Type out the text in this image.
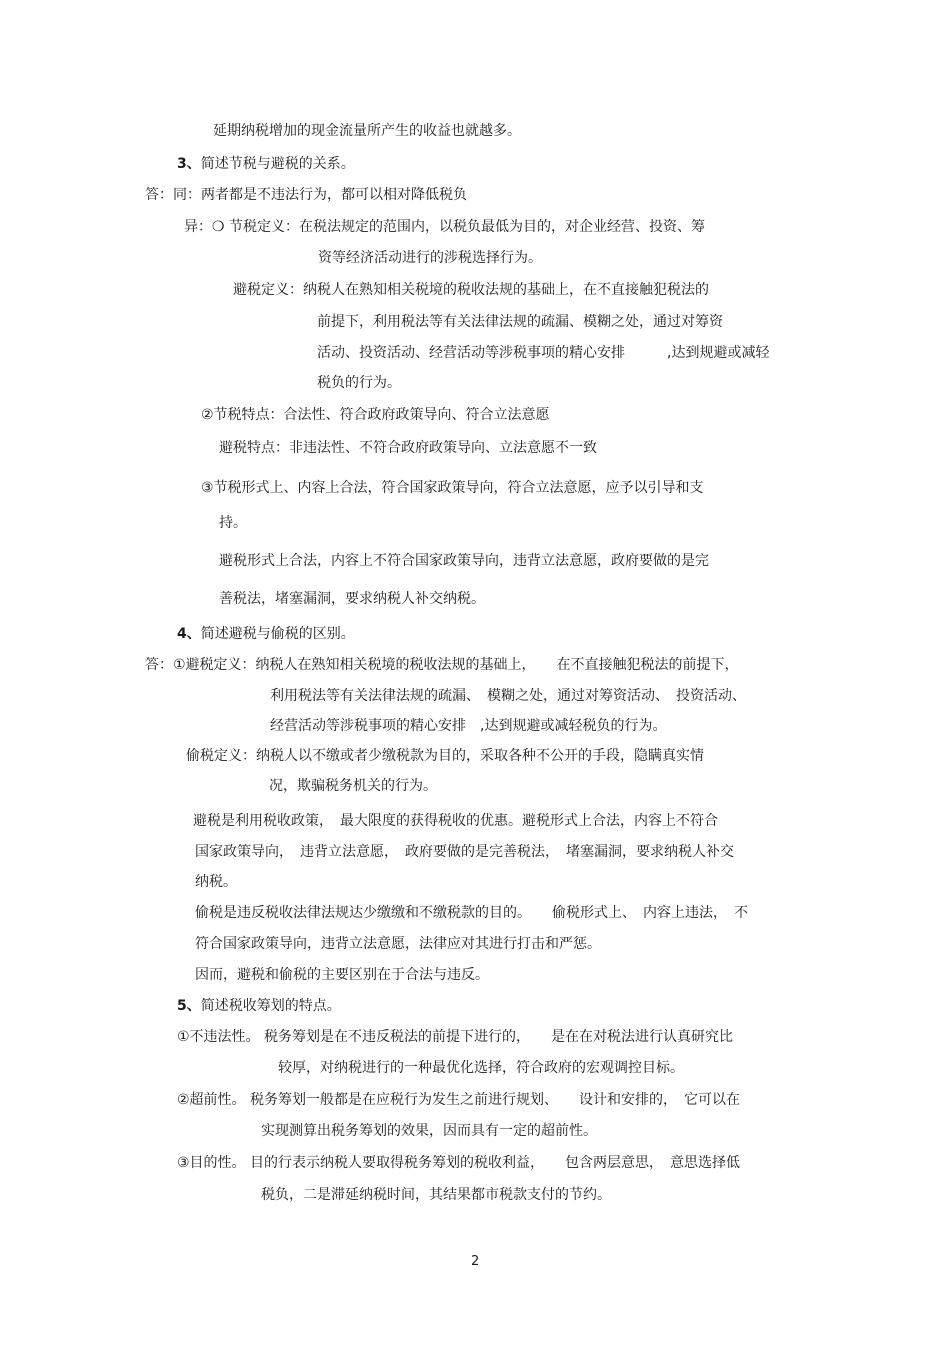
延期纳税增加的现金流量所产生的收益也就越多。
3、简述节税与避税的关系。
答：同：两者都是不违法行为，都可以相对降低税负
异：❍ 节税定义：在税法规定的范围内，以税负最低为目的，对企业经营、投资、筹
资等经济活动进行的涉税选择行为。
避税定义：纳税人在熟知相关税境的税收法规的基础上，在不直接触犯税法的
前提下，利用税法等有关法律法规的疏漏、模糊之处，通过对筹资
活动、投资活动、经营活动等涉税事项的精心安排　　　,达到规避或减轻
税负的行为。
②节税特点：合法性、符合政府政策导向、符合立法意愿
避税特点：非违法性、不符合政府政策导向、立法意愿不一致
③节税形式上、内容上合法，符合国家政策导向，符合立法意愿，应予以引导和支
持。
避税形式上合法，内容上不符合国家政策导向，违背立法意愿，政府要做的是完
善税法，堵塞漏洞，要求纳税人补交纳税。
4、简述避税与偷税的区别。
答：①避税定义：纳税人在熟知相关税境的税收法规的基础上，　　在不直接触犯税法的前提下，
利用税法等有关法律法规的疏漏、　模糊之处，通过对筹资活动、　投资活动、
经营活动等涉税事项的精心安排　,达到规避或减轻税负的行为。
偷税定义：纳税人以不缴或者少缴税款为目的，采取各种不公开的手段，隐瞒真实情
况，欺骗税务机关的行为。
避税是利用税收政策，　最大限度的获得税收的优惠。避税形式上合法，内容上不符合
国家政策导向，　违背立法意愿，　政府要做的是完善税法，　堵塞漏洞，要求纳税人补交
纳税。
偷税是违反税收法律法规达少缴缴和不缴税款的目的。　　偷税形式上、　内容上违法，　不
符合国家政策导向，违背立法意愿，法律应对其进行打击和严惩。
因而，避税和偷税的主要区别在于合法与违反。
5、简述税收筹划的特点。
①不违法性。 税务筹划是在不违反税法的前提下进行的，　　是在在对税法进行认真研究比
较厚，对纳税进行的一种最优化选择，符合政府的宏观调控目标。
②超前性。 税务筹划一般都是在应税行为发生之前进行规划、　　设计和安排的，　它可以在
实现测算出税务筹划的效果，因而具有一定的超前性。
③目的性。 目的行表示纳税人要取得税务筹划的税收利益，　　包含两层意思，　意思选择低
税负，二是滞延纳税时间，其结果都市税款支付的节约。
2
